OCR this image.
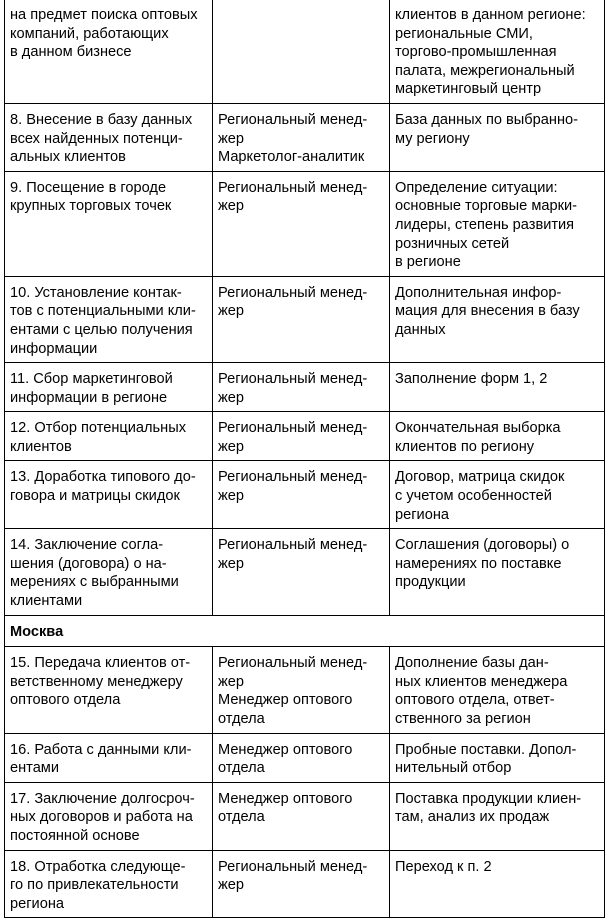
на предмет поиска оптовых
компаний, работающих
в данном бизнесе		клиентов в данном регионе:
региональные СМИ,
торгово-промышленная
палата, межрегиональный
маркетинговый центр
8. Внесение в базу данных
всех найденных потенци-
альных клиентов	Региональный менед-
жер
Маркетолог-аналитик	База данных по выбранно-
му региону
9. Посещение в городе
крупных торговых точек	Региональный менед-
жер	Определение ситуации:
основные торговые марки-
лидеры, степень развития
розничных сетей
в регионе
10. Установление контак-
тов с потенциальными кли-
ентами с целью получения
информации	Региональный менед-
жер	Дополнительная инфор-
мация для внесения в базу
данных
11. Сбор маркетинговой
информации в регионе	Региональный менед-
жер	Заполнение форм 1, 2
12. Отбор потенциальных
клиентов	Региональный менед-
жер	Окончательная выборка
клиентов по региону
13. Доработка типового до-
говора и матрицы скидок	Региональный менед-
жер	Договор, матрица скидок
с учетом особенностей
региона
14. Заключение согла-
шения (договора) о на-
мерениях с выбранными
клиентами	Региональный менед-
жер	Соглашения (договоры) о
намерениях по поставке
продукции
Москва		
15. Передача клиентов от-
ветственному менеджеру
оптового отдела	Региональный менед-
жер
Менеджер оптового
отдела	Дополнение базы дан-
ных клиентов менеджера
оптового отдела, ответ-
ственного за регион
16. Работа с данными кли-
ентами	Менеджер оптового
отдела	Пробные поставки. Допол-
нительный отбор
17. Заключение долгосроч-
ных договоров и работа на
постоянной основе	Менеджер оптового
отдела	Поставка продукции клиен-
там, анализ их продаж
18. Отработка следующе-
го по привлекательности
региона	Региональный менед-
жер	Переход к п. 2
